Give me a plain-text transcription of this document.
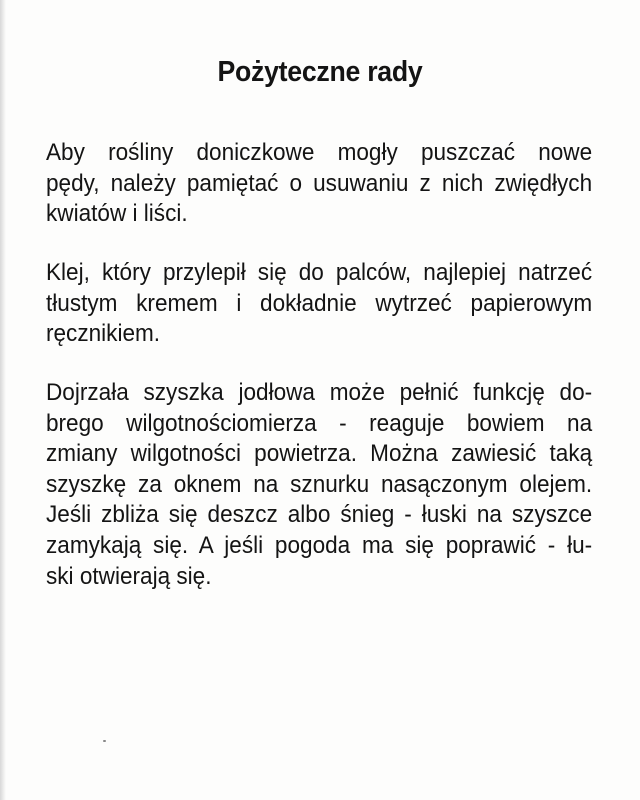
Pożyteczne rady
Aby rośliny doniczkowe mogły puszczać nowe
pędy, należy pamiętać o usuwaniu z nich zwiędłych
kwiatów i liści.
Klej, który przylepił się do palców, najlepiej natrzeć
tłustym kremem i dokładnie wytrzeć papierowym
ręcznikiem.
Dojrzała szyszka jodłowa może pełnić funkcję do-
brego wilgotnościomierza - reaguje bowiem na
zmiany wilgotności powietrza. Można zawiesić taką
szyszkę za oknem na sznurku nasączonym olejem.
Jeśli zbliża się deszcz albo śnieg - łuski na szyszce
zamykają się. A jeśli pogoda ma się poprawić - łu-
ski otwierają się.
